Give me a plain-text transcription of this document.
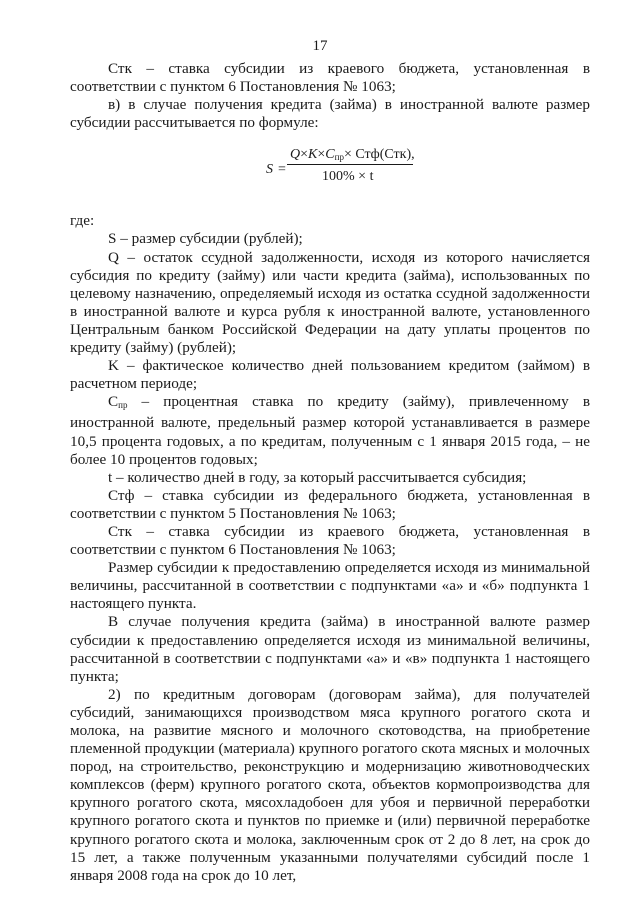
17

Стк – ставка субсидии из краевого бюджета, установленная в соответствии с пунктом 6 Постановления № 1063;

в) в случае получения кредита (займа) в иностранной валюте размер субсидии рассчитывается по формуле:

S =
$Q\times K\times C_{пр}\times Стф(Стк)$,
100% × t

где:

S – размер субсидии (рублей);

Q – остаток ссудной задолженности, исходя из которого начисляется субсидия по кредиту (займу) или части кредита (займа), использованных по целевому назначению, определяемый исходя из остатка ссудной задолженности в иностранной валюте и курса рубля к иностранной валюте, установленного Центральным банком Российской Федерации на дату уплаты процентов по кредиту (займу) (рублей);

K – фактическое количество дней пользованием кредитом (займом) в расчетном периоде;

$С_{пр}$ – процентная ставка по кредиту (займу), привлеченному в иностранной валюте, предельный размер которой устанавливается в размере 10,5 процента годовых, а по кредитам, полученным с 1 января 2015 года, – не более 10 процентов годовых;

t – количество дней в году, за который рассчитывается субсидия;

Стф – ставка субсидии из федерального бюджета, установленная в соответствии с пунктом 5 Постановления № 1063;

Стк – ставка субсидии из краевого бюджета, установленная в соответствии с пунктом 6 Постановления № 1063;

Размер субсидии к предоставлению определяется исходя из минимальной величины, рассчитанной в соответствии с подпунктами «а» и «б» подпункта 1 настоящего пункта.

В случае получения кредита (займа) в иностранной валюте размер субсидии к предоставлению определяется исходя из минимальной величины, рассчитанной в соответствии с подпунктами «а» и «в» подпункта 1 настоящего пункта;

2) по кредитным договорам (договорам займа), для получателей субсидий, занимающихся производством мяса крупного рогатого скота и молока, на развитие мясного и молочного скотоводства, на приобретение племенной продукции (материала) крупного рогатого скота мясных и молочных пород, на строительство, реконструкцию и модернизацию животноводческих комплексов (ферм) крупного рогатого скота, объектов кормопроизводства для крупного рогатого скота, мясохладобоен для убоя и первичной переработки крупного рогатого скота и пунктов по приемке и (или) первичной переработке крупного рогатого скота и молока, заключенным срок от 2 до 8 лет, на срок до 15 лет, а также полученным указанными получателями субсидий после 1 января 2008 года на срок до 10 лет,
